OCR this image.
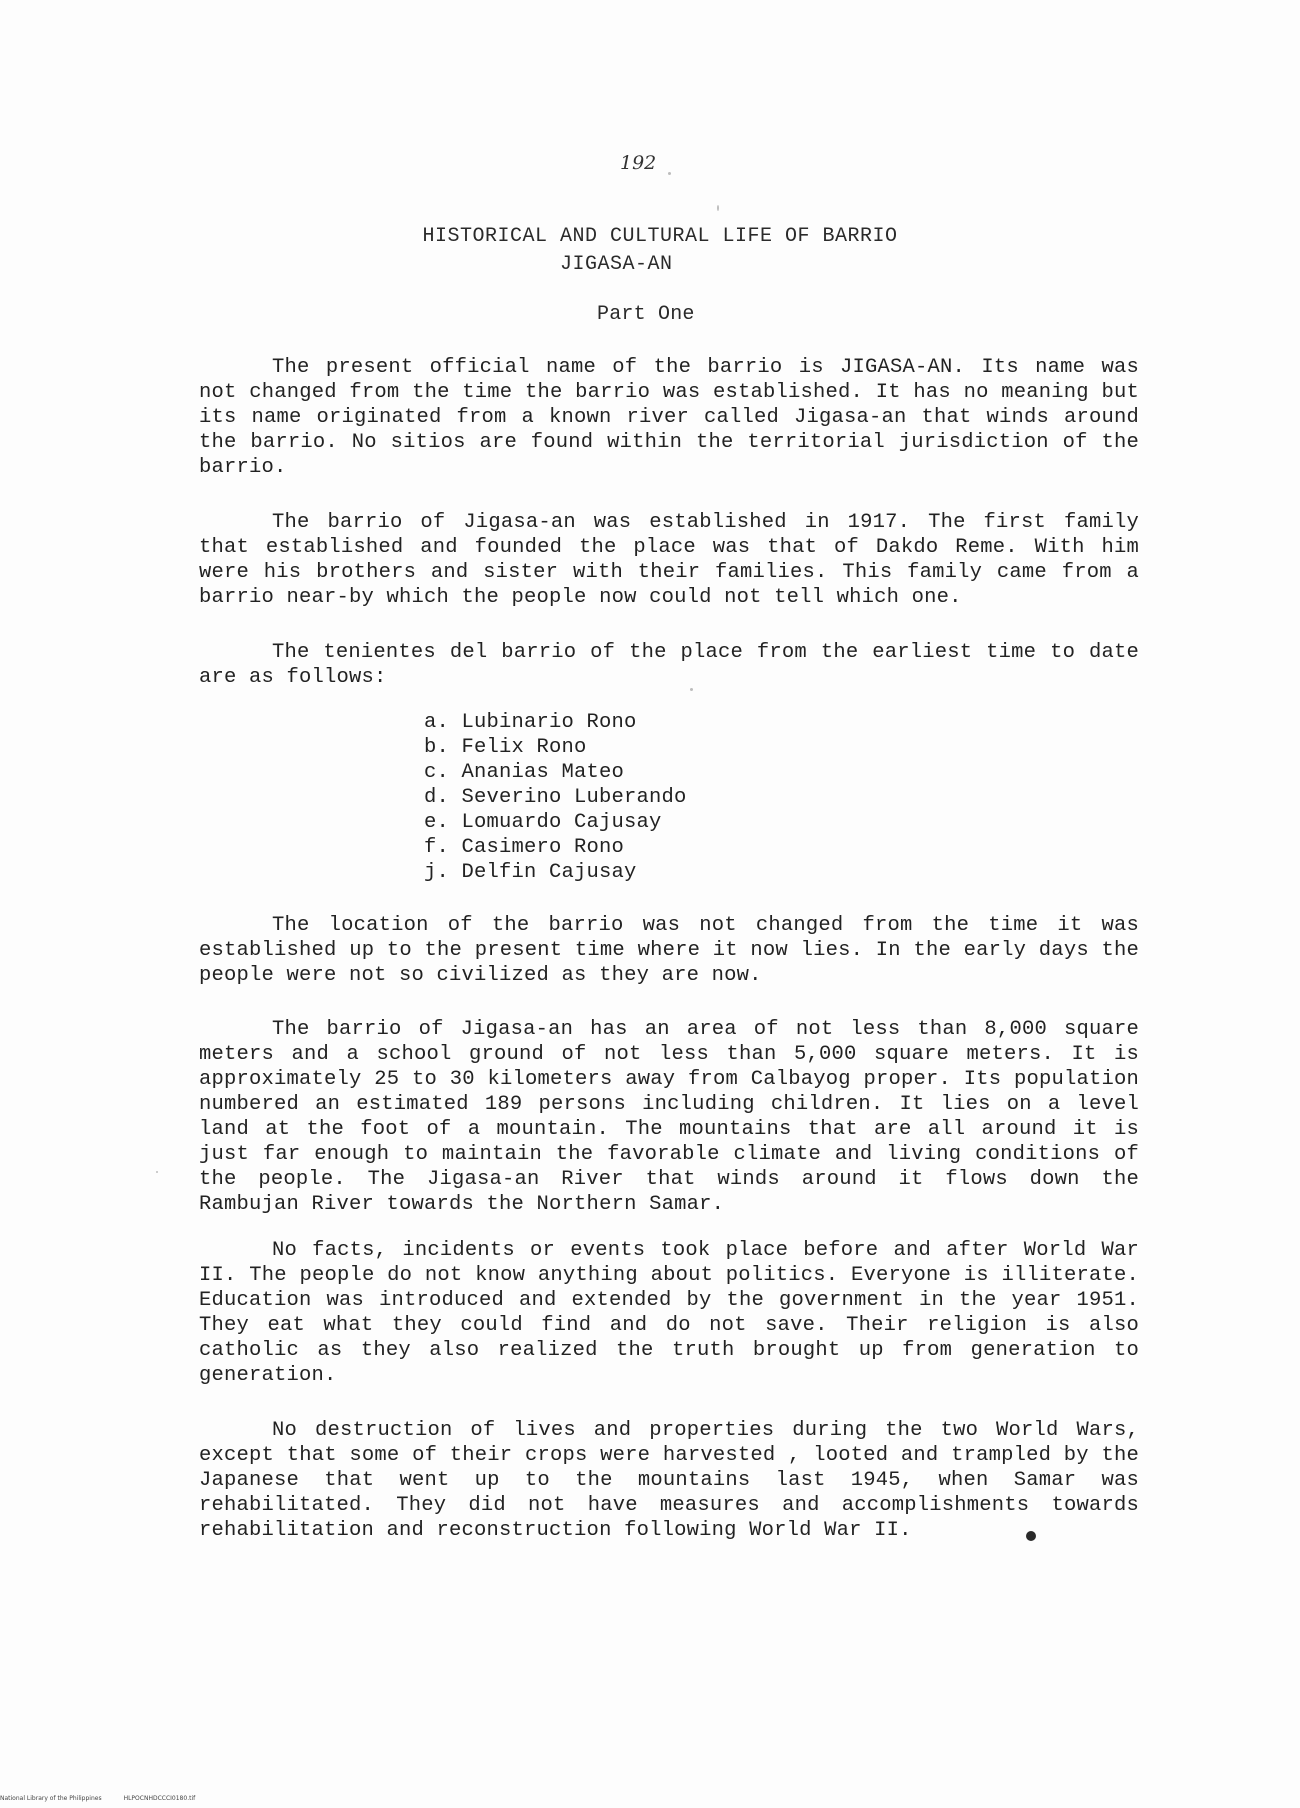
192
HISTORICAL AND CULTURAL LIFE OF BARRIO
JIGASA-AN
Part One

The present official name of the barrio is JIGASA-AN. Its name was not changed from the time the barrio was established. It has no meaning but its name originated from a known river called Jigasa-an that winds around the barrio. No sitios are found within the territorial jurisdiction of the barrio.

The barrio of Jigasa-an was established in 1917. The first family that established and founded the place was that of Dakdo Reme. With him were his brothers and sister with their families. This family came from a barrio near-by which the people now could not tell which one.

The tenientes del barrio of the place from the earliest time to date are as follows:

a. Lubinario Rono
b. Felix Rono
c. Ananias Mateo
d. Severino Luberando
e. Lomuardo Cajusay
f. Casimero Rono
j. Delfin Cajusay

The location of the barrio was not changed from the time it was established up to the present time where it now lies. In the early days the people were not so civilized as they are now.

The barrio of Jigasa-an has an area of not less than 8,000 square meters and a school ground of not less than 5,000 square meters. It is approximately 25 to 30 kilometers away from Calbayog proper. Its population numbered an estimated 189 persons including children. It lies on a level land at the foot of a mountain. The mountains that are all around it is just far enough to maintain the favorable climate and living conditions of the people. The Jigasa-an River that winds around it flows down the Rambujan River towards the Northern Samar.

No facts, incidents or events took place before and after World War II. The people do not know anything about politics. Everyone is illiterate. Education was introduced and extended by the government in the year 1951. They eat what they could find and do not save. Their religion is also catholic as they also realized the truth brought up from generation to generation.

No destruction of lives and properties during the two World Wars, except that some of their crops were harvested , looted and trampled by the Japanese that went up to the mountains last 1945, when Samar was rehabilitated. They did not have measures and accomplishments towards rehabilitation and reconstruction following World War II.

National Library of the Philippines	HLPOCNHDCCCI0180.tif
